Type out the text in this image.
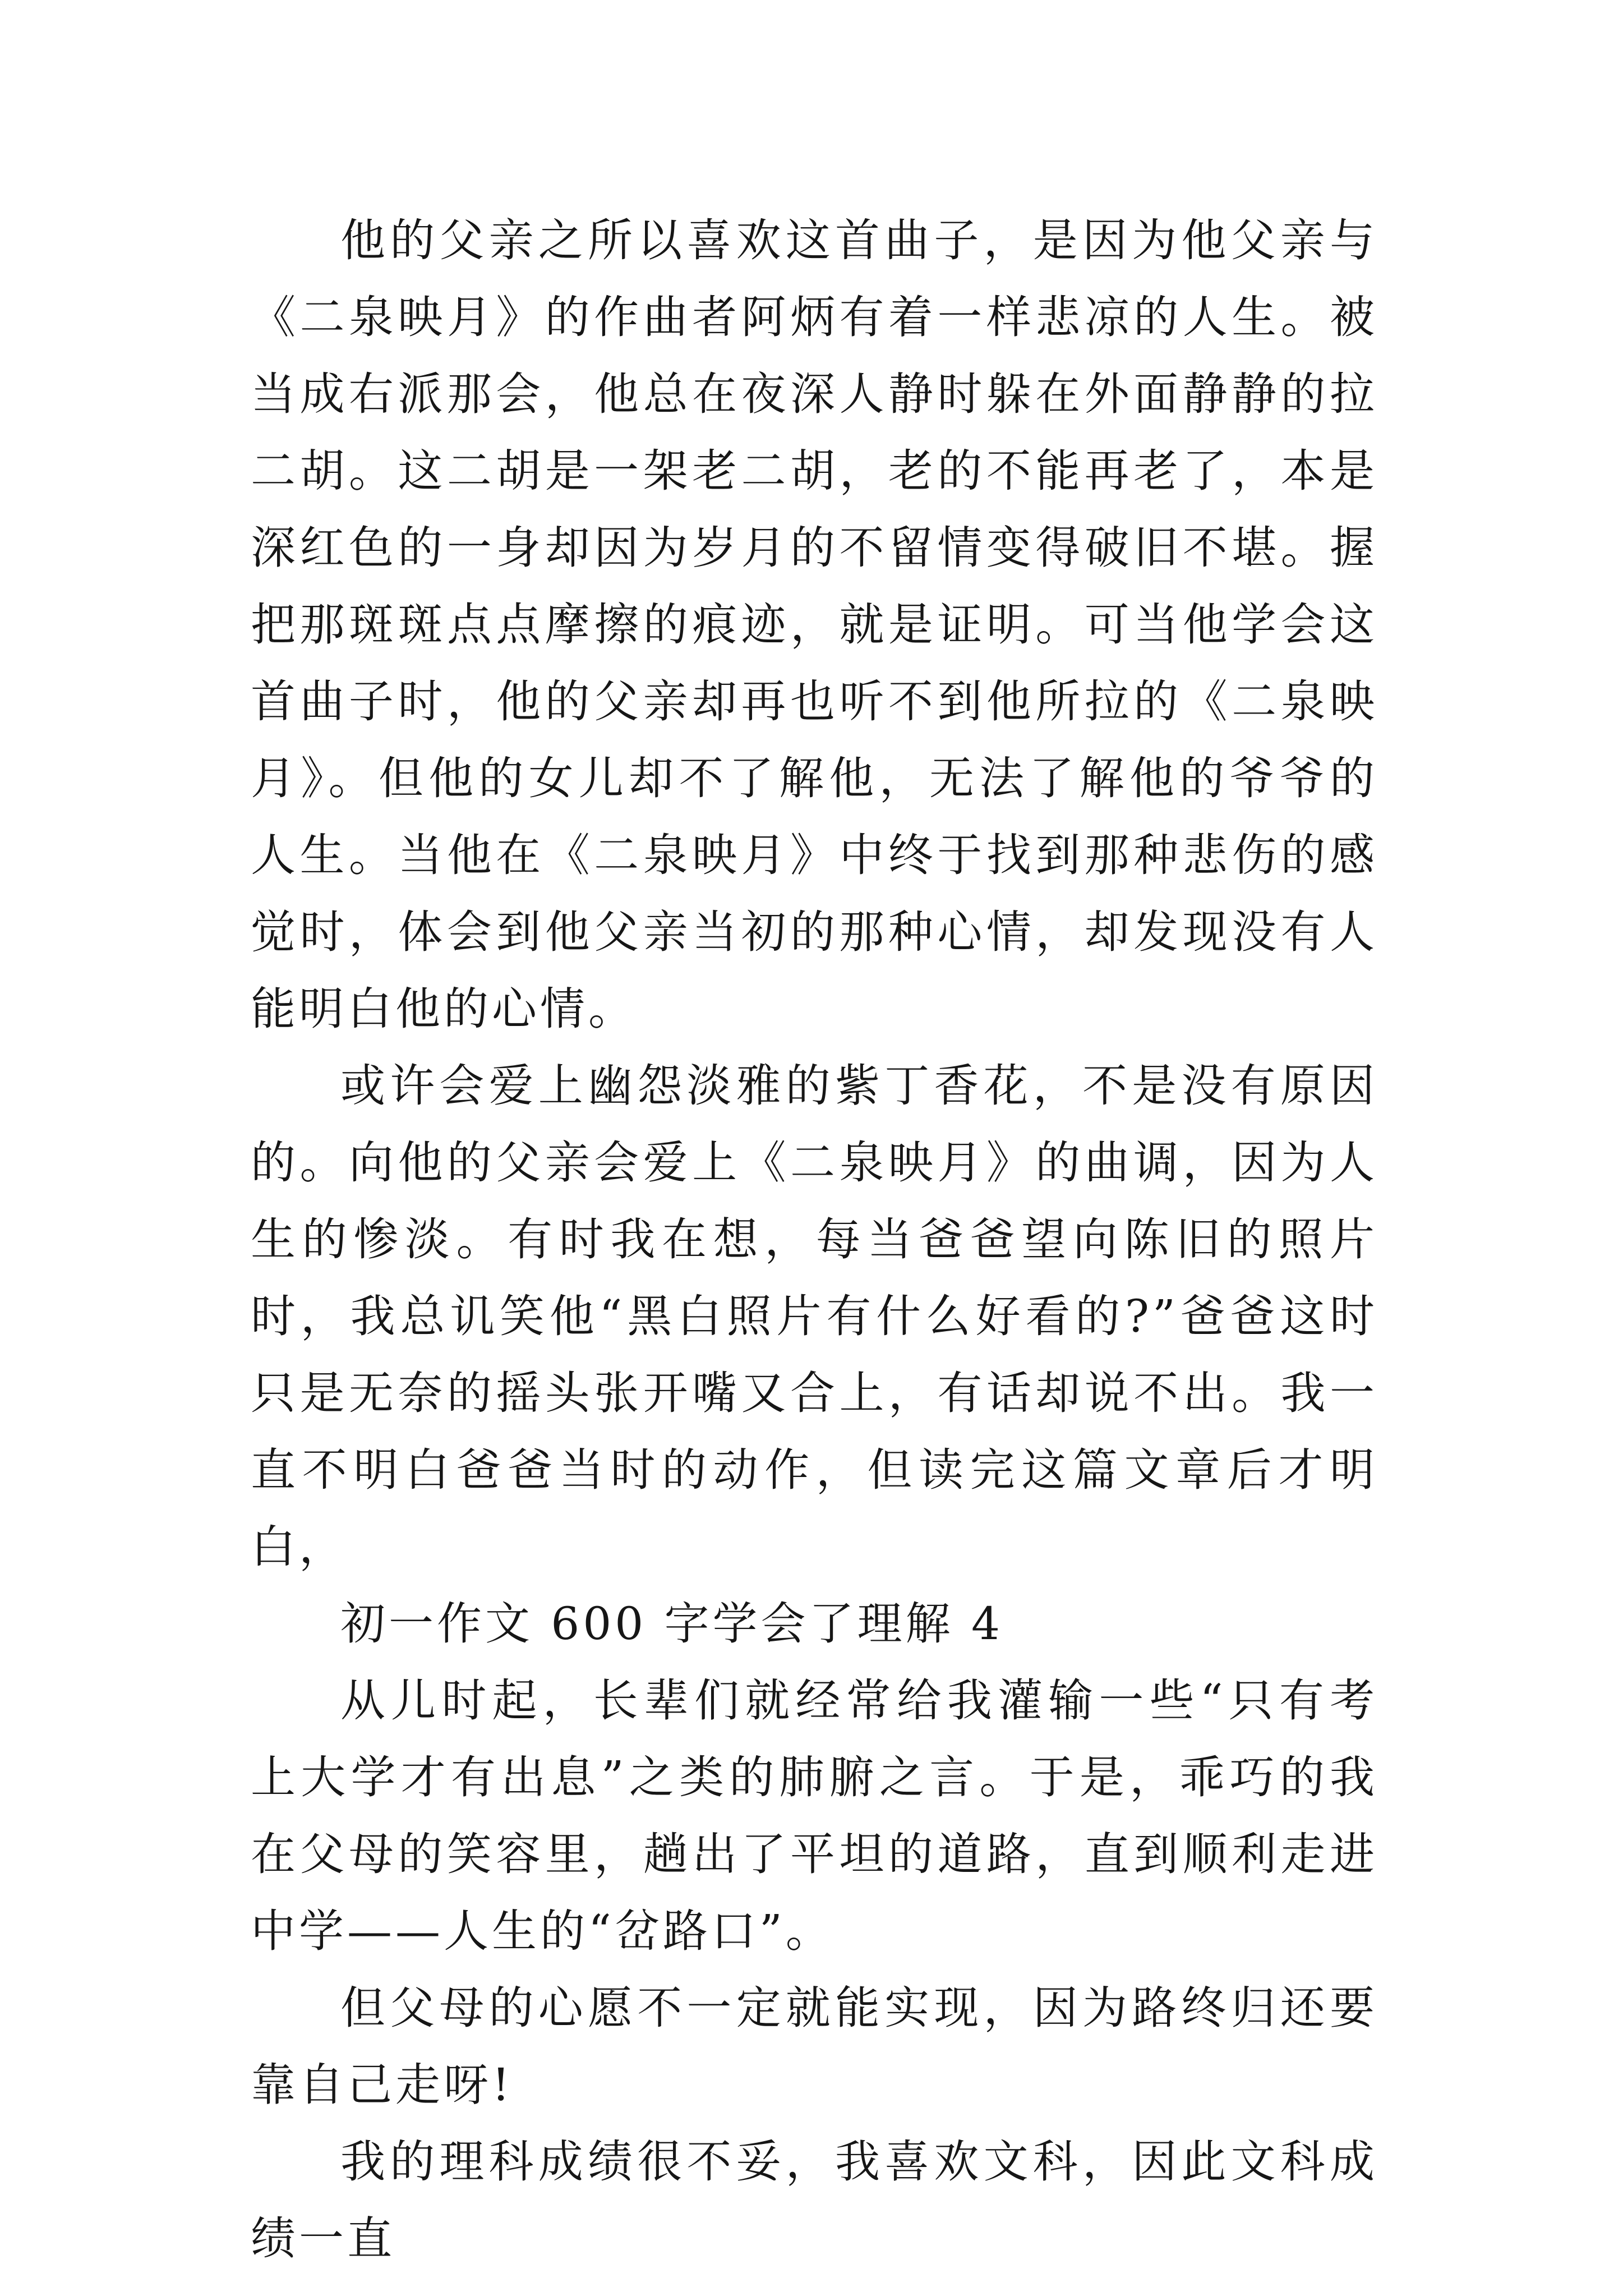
他的父亲之所以喜欢这首曲子，是因为他父亲与《二泉映月》的作曲者阿炳有着一样悲凉的人生。被当成右派那会，他总在夜深人静时躲在外面静静的拉二胡。这二胡是一架老二胡，老的不能再老了，本是深红色的一身却因为岁月的不留情变得破旧不堪。握把那斑斑点点摩擦的痕迹，就是证明。可当他学会这首曲子时，他的父亲却再也听不到他所拉的《二泉映月》。但他的女儿却不了解他，无法了解他的爷爷的人生。当他在《二泉映月》中终于找到那种悲伤的感觉时，体会到他父亲当初的那种心情，却发现没有人能明白他的心情。

或许会爱上幽怨淡雅的紫丁香花，不是没有原因的。向他的父亲会爱上《二泉映月》的曲调，因为人生的惨淡。有时我在想，每当爸爸望向陈旧的照片时，我总讥笑他“黑白照片有什么好看的?”爸爸这时只是无奈的摇头张开嘴又合上，有话却说不出。我一直不明白爸爸当时的动作，但读完这篇文章后才明白，

初一作文 600 字学会了理解 4

从儿时起，长辈们就经常给我灌输一些“只有考上大学才有出息”之类的肺腑之言。于是，乖巧的我在父母的笑容里，趟出了平坦的道路，直到顺利走进中学——人生的“岔路口”。

但父母的心愿不一定就能实现，因为路终归还要靠自己走呀!

我的理科成绩很不妥，我喜欢文科，因此文科成绩一直
